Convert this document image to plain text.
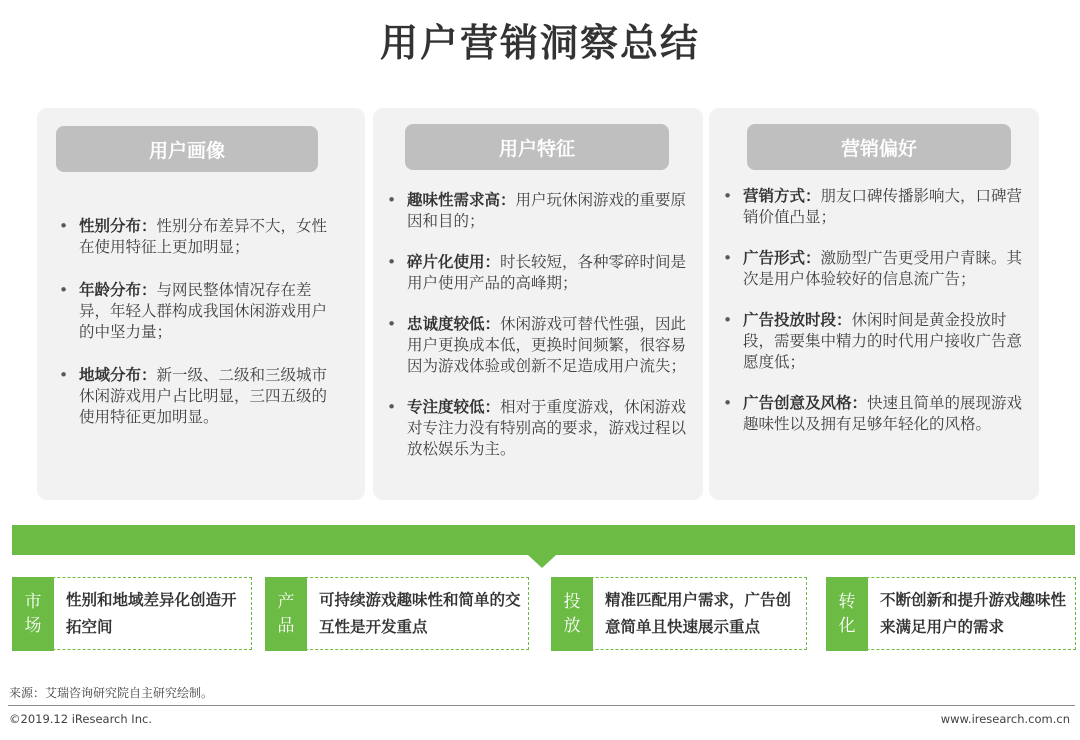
用户营销洞察总结
用户画像
• 性别分布：性别分布差异不大，女性在使用特征上更加明显；
• 年龄分布：与网民整体情况存在差异，年轻人群构成我国休闲游戏用户的中坚力量；
• 地域分布：新一级、二级和三级城市休闲游戏用户占比明显，三四五级的使用特征更加明显。
用户特征
• 趣味性需求高：用户玩休闲游戏的重要原因和目的；
• 碎片化使用：时长较短，各种零碎时间是用户使用产品的高峰期；
• 忠诚度较低：休闲游戏可替代性强，因此用户更换成本低，更换时间频繁，很容易因为游戏体验或创新不足造成用户流失；
• 专注度较低：相对于重度游戏，休闲游戏对专注力没有特别高的要求，游戏过程以放松娱乐为主。
营销偏好
• 营销方式：朋友口碑传播影响大，口碑营销价值凸显；
• 广告形式：激励型广告更受用户青睐。其次是用户体验较好的信息流广告；
• 广告投放时段：休闲时间是黄金投放时段，需要集中精力的时代用户接收广告意愿度低；
• 广告创意及风格：快速且简单的展现游戏趣味性以及拥有足够年轻化的风格。
市
场
性别和地域差异化创造开拓空间
产
品
可持续游戏趣味性和简单的交互性是开发重点
投
放
精准匹配用户需求，广告创意简单且快速展示重点
转
化
不断创新和提升游戏趣味性来满足用户的需求
来源：艾瑞咨询研究院自主研究绘制。
©2019.12 iResearch Inc.	www.iresearch.com.cn
